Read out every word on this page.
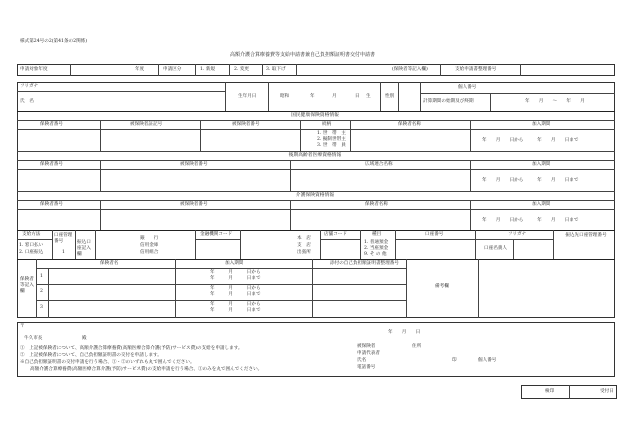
様式第24号の2(第41条の2関係)
高額介護合算療養費等支給申請書兼自己負担額証明書交付申請書
申請対象年度	年度	申請区分	1. 新規	2. 変更	3. 取下げ	(保険者等記入欄)	支給申請書整理番号
フリガナ
氏　名
生年月日	昭和	年	月	日 生	性別
個人番号
計算期間の始期及び終期	年　　月　　〜　　年　　月
国民健康保険資格情報
保険者番号	被保険者証記号	被保険者番号	続柄	保険者名称	加入期間
1. 世　帯　主
2. 擬制世帯主
3. 世　帯　員
年　　月　　日から　　　年　　月　　日まで
後期高齢者医療資格情報
保険者番号	被保険者番号	広域連合名称	加入期間
年　　月　　日から　　　年　　月　　日まで
介護保険資格情報
保険者番号	被保険者番号	保険者名称	加入期間
年　　月　　日から　　　年　　月　　日まで
支給方法
1. 窓口払い
2. 口座振込
口座管理番号
1
振込口座記入欄
銀　　行
信用金庫
信用組合
金融機関コード
本　店
支　店
出張所
店舗コード	種目
1. 普通預金
2. 当座預金
9. そ の 他
口座番号	フリガナ
口座名義人
振込先口座管理番号
保険者等記入欄
保険者名	加入期間	添付の自己負担額証明書整理番号
備考欄
1
年　　　月　　　日から
年　　　月　　　日まで
2
年　　　月　　　日から
年　　　月　　　日まで
3
年　　　月　　　日から
年　　　月　　　日まで
〒
牛久市長	殿
年　　月　　日
①　上記被保険者について、高額介護合算療養費(高額医療合算介護(予防)サービス費)の支給を申請します。
②　上記被保険者について、自己負担額証明書の交付を申請します。
※自己負担額証明書の交付申請を行う場合、①・②のいずれも丸で囲んでください。
高額介護合算療養費(高額医療合算介護(予防)サービス費)の支給申請を行う場合、①のみを丸で囲んでください。
被保険者	住所
申請代表者
氏名	印	個人番号
電話番号
検印	受付日
